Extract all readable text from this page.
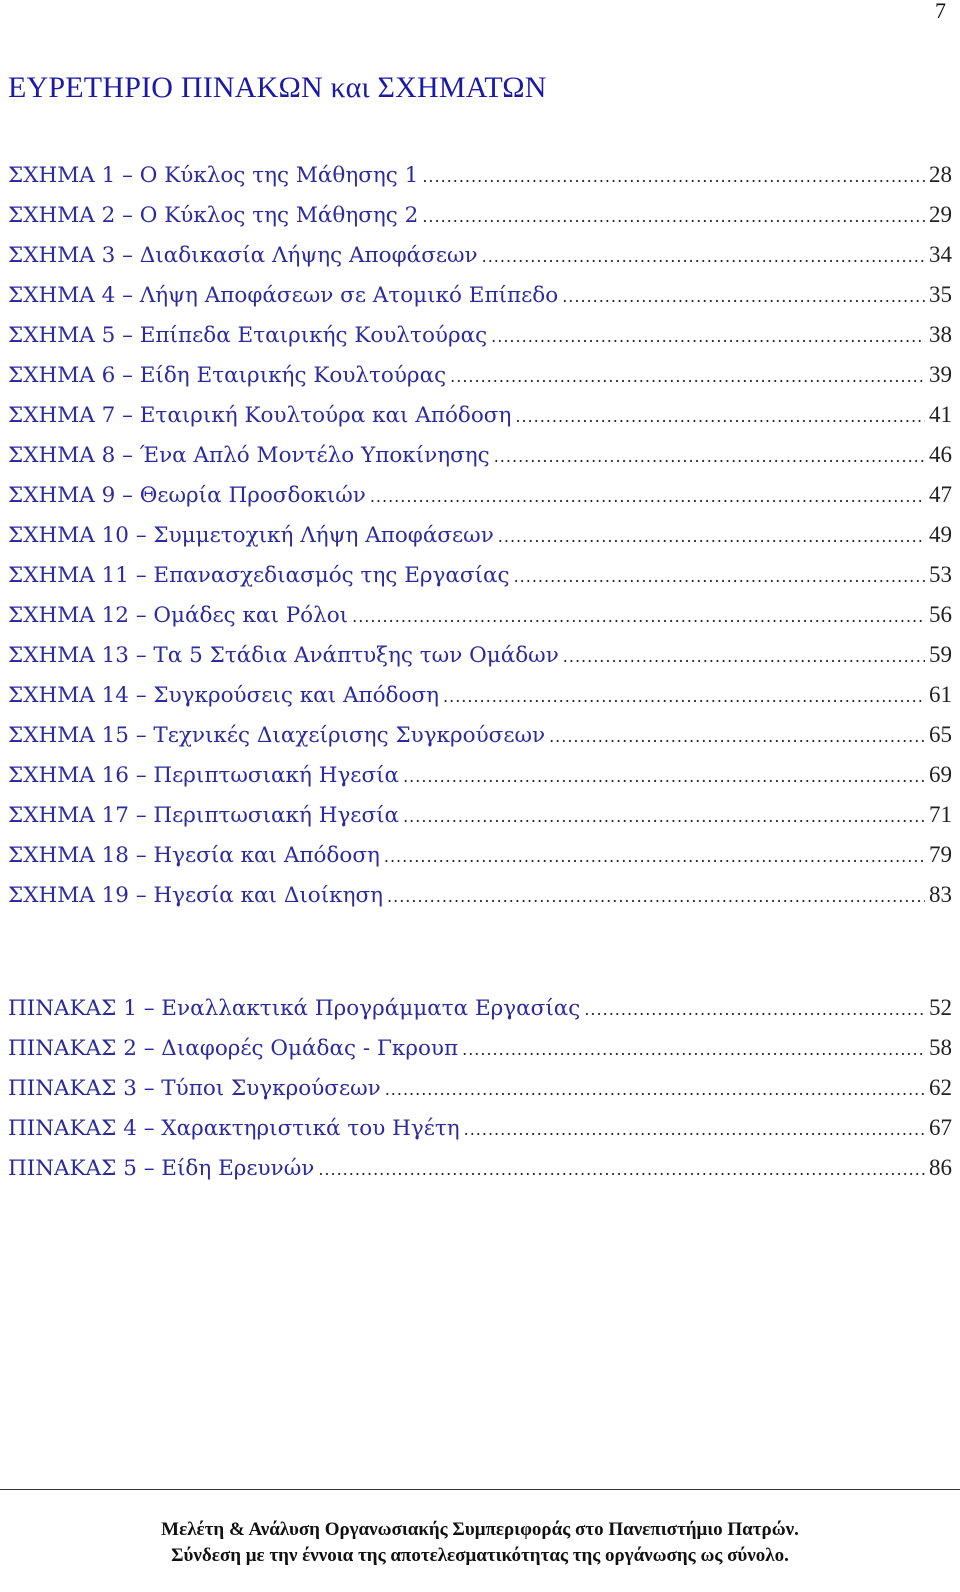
7
ΕΥΡΕΤΗΡΙΟ ΠΙΝΑΚΩΝ και ΣΧΗΜΑΤΩΝ
ΣΧΗΜΑ 1 – Ο Κύκλος της Μάθησης 1 .....	28
ΣΧΗΜΑ 2 – Ο Κύκλος της Μάθησης 2 .....	29
ΣΧΗΜΑ 3 – Διαδικασία Λήψης Αποφάσεων .....	34
ΣΧΗΜΑ 4 – Λήψη Αποφάσεων σε Ατομικό Επίπεδο .....	35
ΣΧΗΜΑ 5 – Επίπεδα Εταιρικής Κουλτούρας .....	38
ΣΧΗΜΑ 6 – Είδη Εταιρικής Κουλτούρας .....	39
ΣΧΗΜΑ 7 – Εταιρική Κουλτούρα και Απόδοση .....	41
ΣΧΗΜΑ 8 – Ένα Απλό Μοντέλο Υποκίνησης .....	46
ΣΧΗΜΑ 9 – Θεωρία Προσδοκιών .....	47
ΣΧΗΜΑ 10 – Συμμετοχική Λήψη Αποφάσεων .....	49
ΣΧΗΜΑ 11 – Επανασχεδιασμός της Εργασίας .....	53
ΣΧΗΜΑ 12 – Ομάδες και Ρόλοι .....	56
ΣΧΗΜΑ 13 – Τα 5 Στάδια Ανάπτυξης των Ομάδων .....	59
ΣΧΗΜΑ 14 – Συγκρούσεις και Απόδοση .....	61
ΣΧΗΜΑ 15 – Τεχνικές Διαχείρισης Συγκρούσεων .....	65
ΣΧΗΜΑ 16 – Περιπτωσιακή Ηγεσία .....	69
ΣΧΗΜΑ 17 – Περιπτωσιακή Ηγεσία .....	71
ΣΧΗΜΑ 18 – Ηγεσία και Απόδοση .....	79
ΣΧΗΜΑ 19 – Ηγεσία και Διοίκηση .....	83
ΠΙΝΑΚΑΣ 1 – Εναλλακτικά Προγράμματα Εργασίας .....	52
ΠΙΝΑΚΑΣ 2 – Διαφορές Ομάδας - Γκρουπ .....	58
ΠΙΝΑΚΑΣ 3 – Τύποι Συγκρούσεων .....	62
ΠΙΝΑΚΑΣ 4 – Χαρακτηριστικά του Ηγέτη .....	67
ΠΙΝΑΚΑΣ 5 – Είδη Ερευνών .....	86
Μελέτη & Ανάλυση Οργανωσιακής Συμπεριφοράς στο Πανεπιστήμιο Πατρών.
Σύνδεση με την έννοια της αποτελεσματικότητας της οργάνωσης ως σύνολο.
